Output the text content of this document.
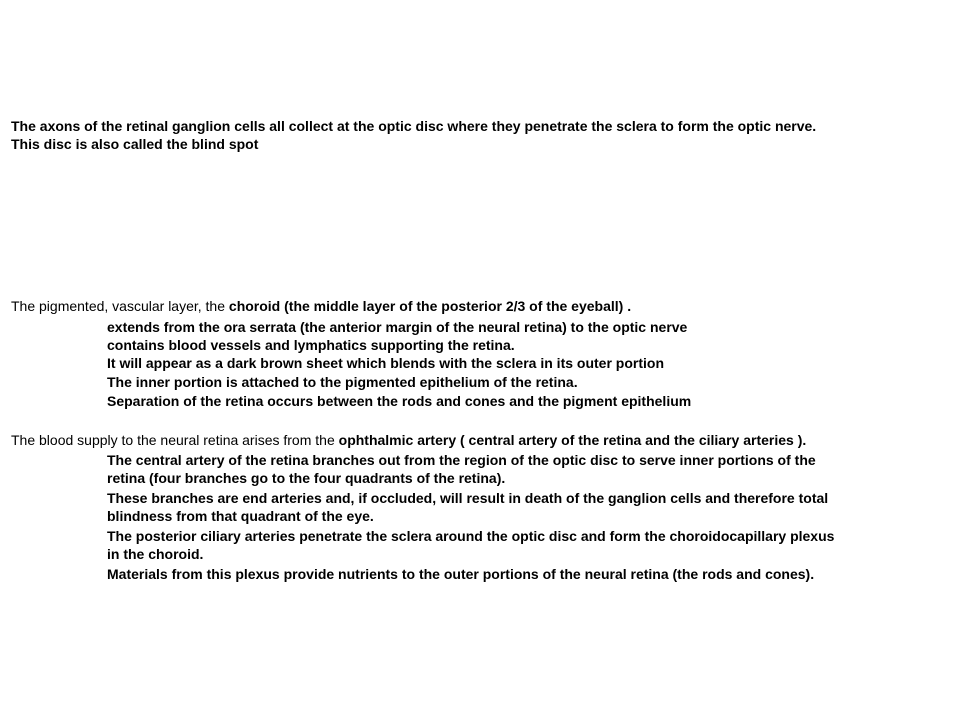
The axons of the retinal ganglion cells all collect at the optic disc where they penetrate the sclera to form the optic nerve.
This disc is also called the blind spot
The pigmented, vascular layer, the choroid (the middle layer of the posterior 2/3 of the eyeball) .
extends from the ora serrata (the anterior margin of the neural retina) to the optic nerve
contains blood vessels and lymphatics supporting the retina.
It will appear as a dark brown sheet which blends with the sclera in its outer portion
The inner portion is attached to the pigmented epithelium of the retina.
Separation of the retina occurs between the rods and cones and the pigment epithelium
The blood supply to the neural retina arises from the ophthalmic artery ( central artery of the retina and the ciliary arteries ).
The central artery of the retina branches out from the region of the optic disc to serve inner portions of the
retina (four branches go to the four quadrants of the retina).
These branches are end arteries and, if occluded, will result in death of the ganglion cells and therefore total
blindness from that quadrant of the eye.
The posterior ciliary arteries penetrate the sclera around the optic disc and form the choroidocapillary plexus
in the choroid.
Materials from this plexus provide nutrients to the outer portions of the neural retina (the rods and cones).
